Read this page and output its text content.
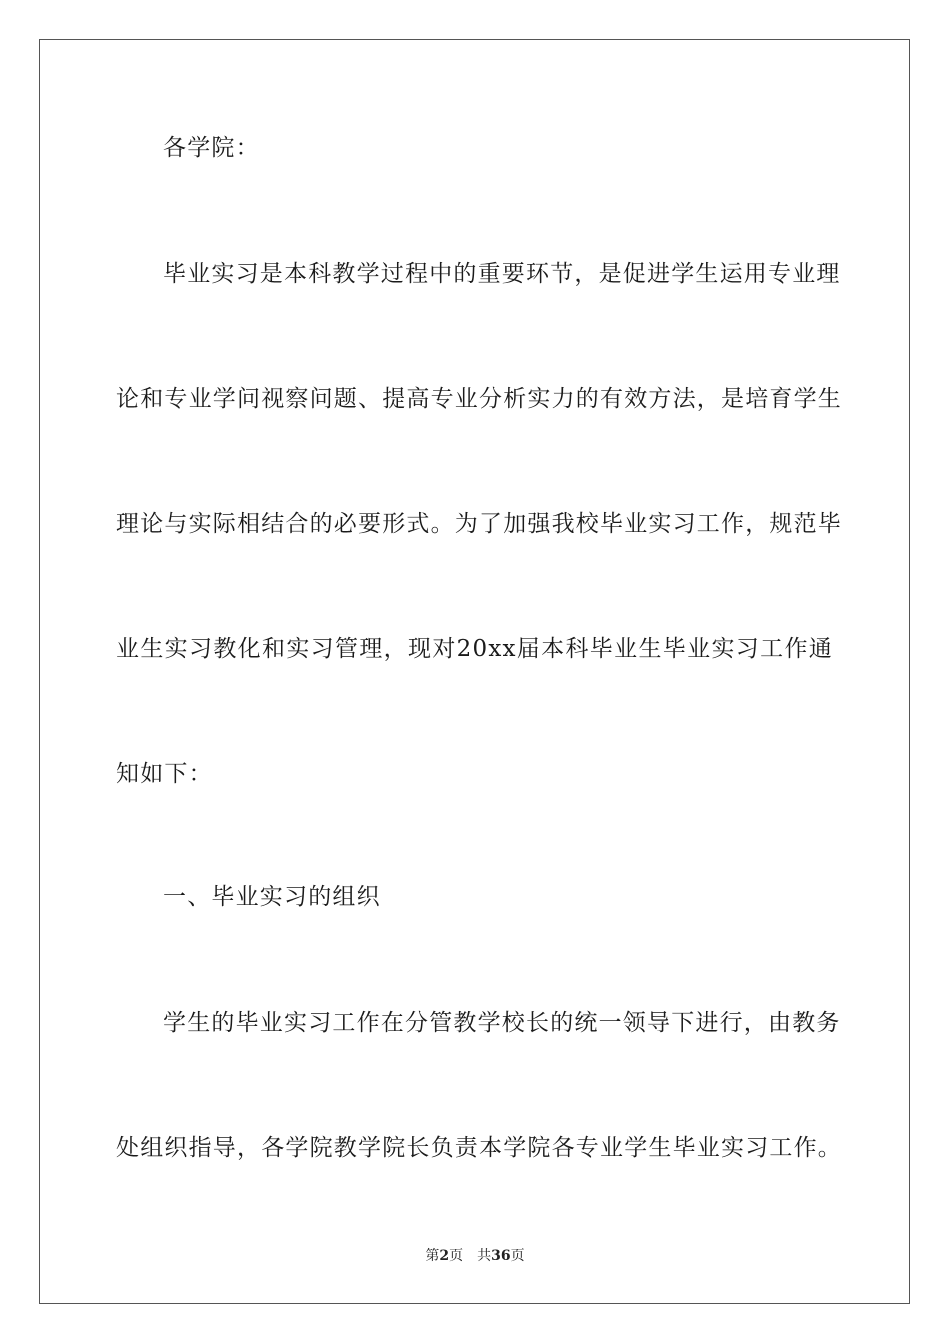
各学院：
毕业实习是本科教学过程中的重要环节，是促进学生运用专业理
论和专业学问视察问题、提高专业分析实力的有效方法，是培育学生
理论与实际相结合的必要形式。为了加强我校毕业实习工作，规范毕
业生实习教化和实习管理，现对20xx届本科毕业生毕业实习工作通
知如下：
一、毕业实习的组织
学生的毕业实习工作在分管教学校长的统一领导下进行，由教务
处组织指导，各学院教学院长负责本学院各专业学生毕业实习工作。
第2页 共36页
